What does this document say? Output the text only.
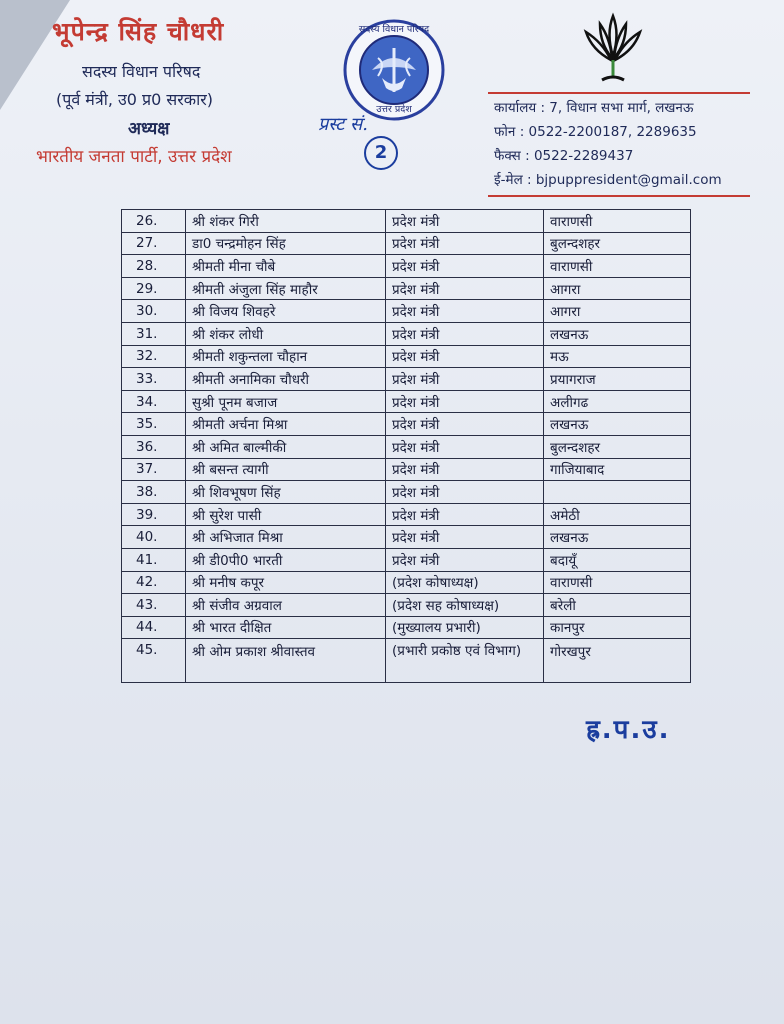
भूपेन्द्र सिंह चौधरी
सदस्य विधान परिषद
(पूर्व मंत्री, उ0 प्र0 सरकार)
अध्यक्ष
भारतीय जनता पार्टी, उत्तर प्रदेश
सदस्य विधान परिषद
उत्तर प्रदेश
प्रस्ट सं.
2
कार्यालय : 7, विधान सभा मार्ग, लखनऊ
फोन : 0522-2200187, 2289635
फैक्स : 0522-2289437
ई-मेल : bjpuppresident@gmail.com
26.	श्री शंकर गिरी	प्रदेश मंत्री	वाराणसी
27.	डा0 चन्द्रमोहन सिंह	प्रदेश मंत्री	बुलन्दशहर
28.	श्रीमती मीना चौबे	प्रदेश मंत्री	वाराणसी
29.	श्रीमती अंजुला सिंह माहौर	प्रदेश मंत्री	आगरा
30.	श्री विजय शिवहरे	प्रदेश मंत्री	आगरा
31.	श्री शंकर लोधी	प्रदेश मंत्री	लखनऊ
32.	श्रीमती शकुन्तला चौहान	प्रदेश मंत्री	मऊ
33.	श्रीमती अनामिका चौधरी	प्रदेश मंत्री	प्रयागराज
34.	सुश्री पूनम बजाज	प्रदेश मंत्री	अलीगढ
35.	श्रीमती अर्चना मिश्रा	प्रदेश मंत्री	लखनऊ
36.	श्री अमित बाल्मीकी	प्रदेश मंत्री	बुलन्दशहर
37.	श्री बसन्त त्यागी	प्रदेश मंत्री	गाजियाबाद
38.	श्री शिवभूषण सिंह	प्रदेश मंत्री	
39.	श्री सुरेश पासी	प्रदेश मंत्री	अमेठी
40.	श्री अभिजात मिश्रा	प्रदेश मंत्री	लखनऊ
41.	श्री डी0पी0 भारती	प्रदेश मंत्री	बदायूँ
42.	श्री मनीष कपूर	(प्रदेश कोषाध्यक्ष)	वाराणसी
43.	श्री संजीव अग्रवाल	(प्रदेश सह कोषाध्यक्ष)	बरेली
44.	श्री भारत दीक्षित	(मुख्यालय प्रभारी)	कानपुर
45.	श्री ओम प्रकाश श्रीवास्तव	(प्रभारी प्रकोष्ठ एवं विभाग)	गोरखपुर
ह्र.प.उ.
